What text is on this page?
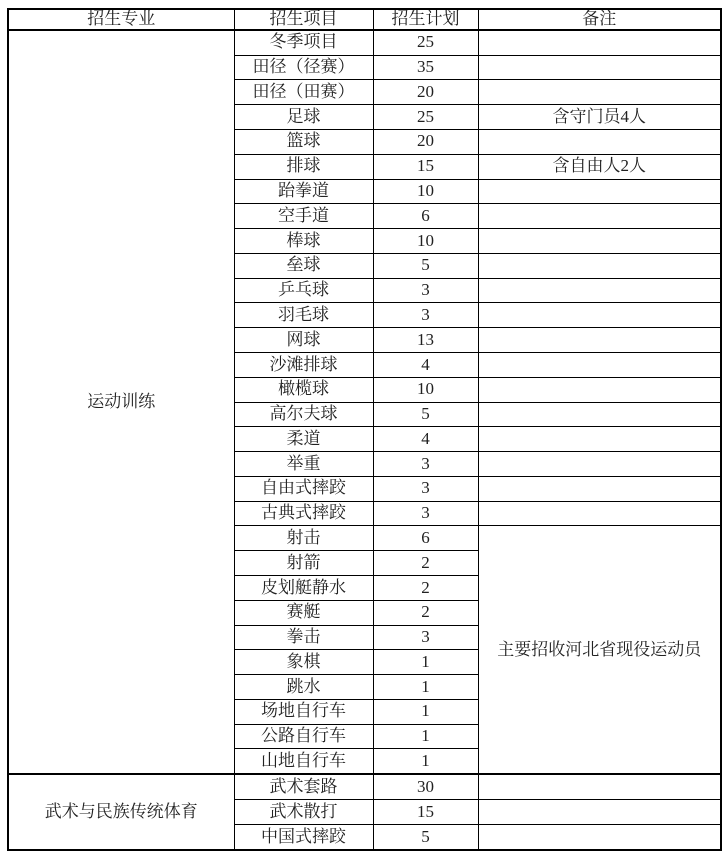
招生专业	招生项目	招生计划	备注
运动训练	冬季项目	25	
	田径（径赛）	35	
	田径（田赛）	20	
	足球	25	含守门员4人
	篮球	20	
	排球	15	含自由人2人
	跆拳道	10	
	空手道	6	
	棒球	10	
	垒球	5	
	乒乓球	3	
	羽毛球	3	
	网球	13	
	沙滩排球	4	
	橄榄球	10	
	高尔夫球	5	
	柔道	4	
	举重	3	
	自由式摔跤	3	
	古典式摔跤	3	
	射击	6	主要招收河北省现役运动员
	射箭	2	
	皮划艇静水	2	
	赛艇	2	
	拳击	3	
	象棋	1	
	跳水	1	
	场地自行车	1	
	公路自行车	1	
	山地自行车	1	
武术与民族传统体育	武术套路	30	
	武术散打	15	
	中国式摔跤	5	
